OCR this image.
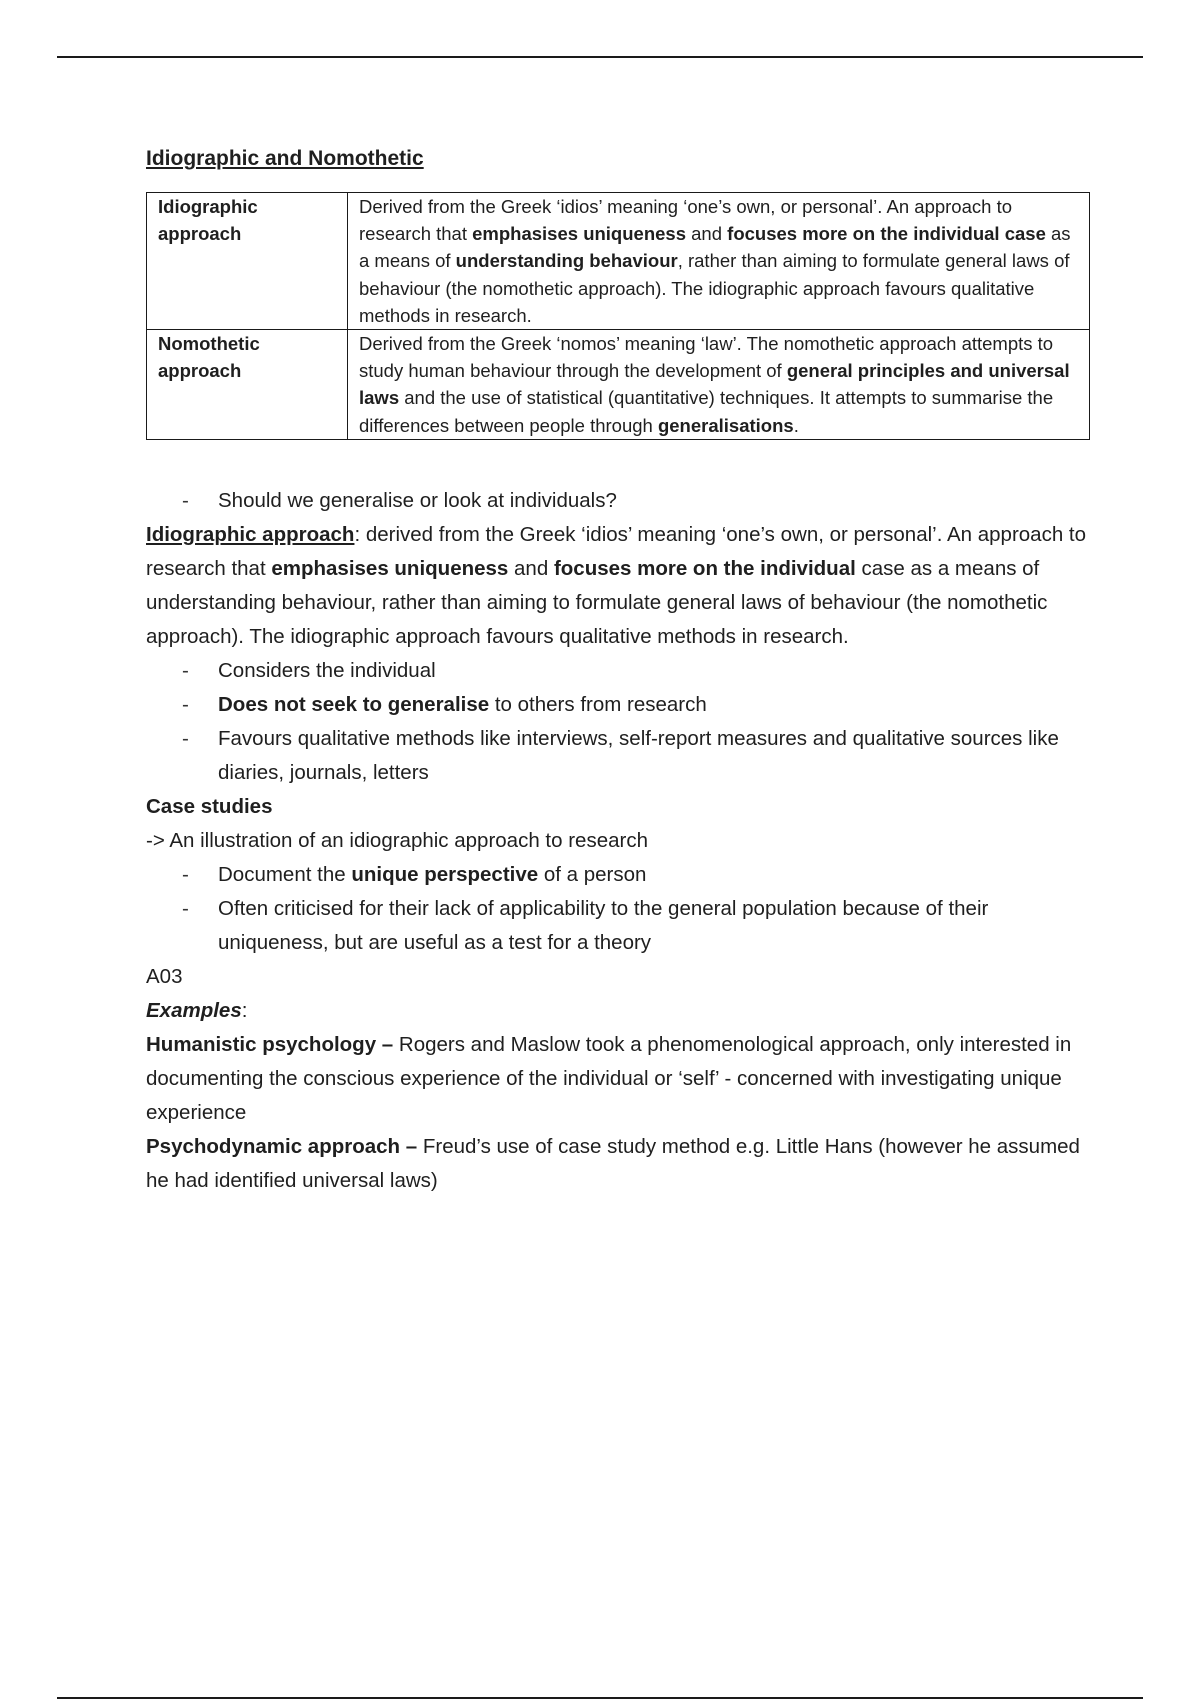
Idiographic and Nomothetic
Idiographic approach	Derived from the Greek ‘idios’ meaning ‘one’s own, or personal’. An approach to research that emphasises uniqueness and focuses more on the individual case as a means of understanding behaviour, rather than aiming to formulate general laws of behaviour (the nomothetic approach). The idiographic approach favours qualitative methods in research.
Nomothetic approach	Derived from the Greek ‘nomos’ meaning ‘law’. The nomothetic approach attempts to study human behaviour through the development of general principles and universal laws and the use of statistical (quantitative) techniques. It attempts to summarise the differences between people through generalisations.
- Should we generalise or look at individuals?

Idiographic approach: derived from the Greek ‘idios’ meaning ‘one’s own, or personal’. An approach to research that emphasises uniqueness and focuses more on the individual case as a means of understanding behaviour, rather than aiming to formulate general laws of behaviour (the nomothetic approach). The idiographic approach favours qualitative methods in research.

- Considers the individual
- Does not seek to generalise to others from research
- Favours qualitative methods like interviews, self-report measures and qualitative sources like diaries, journals, letters

Case studies

-> An illustration of an idiographic approach to research

- Document the unique perspective of a person
- Often criticised for their lack of applicability to the general population because of their uniqueness, but are useful as a test for a theory

A03

Examples:

Humanistic psychology – Rogers and Maslow took a phenomenological approach, only interested in documenting the conscious experience of the individual or ‘self’ - concerned with investigating unique experience

Psychodynamic approach – Freud’s use of case study method e.g. Little Hans (however he assumed he had identified universal laws)
